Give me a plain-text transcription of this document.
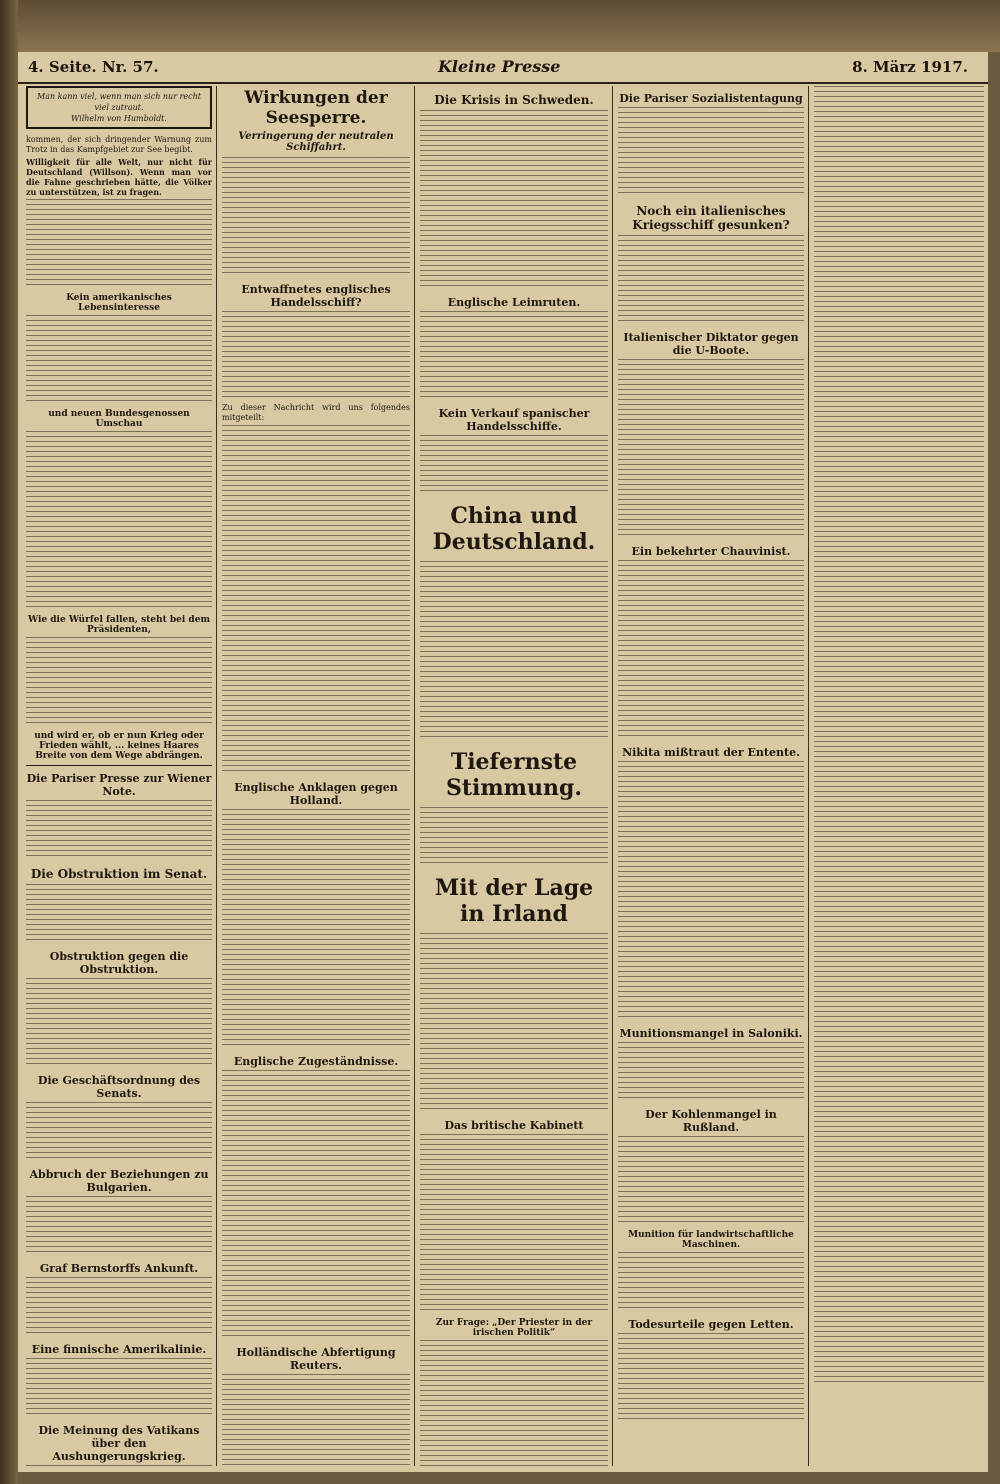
4. Seite. Nr. 57.	Kleine Presse	8. März 1917.
Man kann viel, wenn man sich nur recht viel zutraut.
Wilhelm von Humboldt.

kommen, der sich dringender Warnung zum Trotz in das Kampfgebiet zur See begibt.

Willigkeit für alle Welt, nur nicht für Deutschland (Willson). Wenn man vor die Fahne geschrieben hätte, die Völker zu unterstützen, ist zu fragen.

Kein amerikanisches Lebensinteresse
und neuen Bundesgenossen Umschau
Wie die Würfel fallen, steht bei dem Präsidenten,
und wird er, ob er nun Krieg oder Frieden wählt, ... keines Haares Breite von dem Wege abdrängen.
Die Pariser Presse zur Wiener Note.
Die Obstruktion im Senat.
Obstruktion gegen die Obstruktion.
Die Geschäftsordnung des Senats.
Abbruch der Beziehungen zu Bulgarien.
Graf Bernstorffs Ankunft.
Eine finnische Amerikalinie.
Die Meinung des Vatikans über den Aushungerungskrieg.
Wirkungen der Seesperre.
Verringerung der neutralen Schiffahrt.
Entwaffnetes englisches Handelsschiff?

Zu dieser Nachricht wird uns folgendes mitgeteilt:

Englische Anklagen gegen Holland.
Englische Zugeständnisse.
Holländische Abfertigung Reuters.
Die Krisis in Schweden.
Englische Leimruten.
Kein Verkauf spanischer Handelsschiffe.
China und Deutschland.
Tiefernste Stimmung.
Mit der Lage in Irland
Das britische Kabinett
Zur Frage: „Der Priester in der irischen Politik“
Die Pariser Sozialistentagung
Noch ein italienisches Kriegsschiff gesunken?
Italienischer Diktator gegen die U-Boote.
Ein bekehrter Chauvinist.
Nikita mißtraut der Entente.
Munitionsmangel in Saloniki.
Der Kohlenmangel in Rußland.
Munition für landwirtschaftliche Maschinen.
Todesurteile gegen Letten.
